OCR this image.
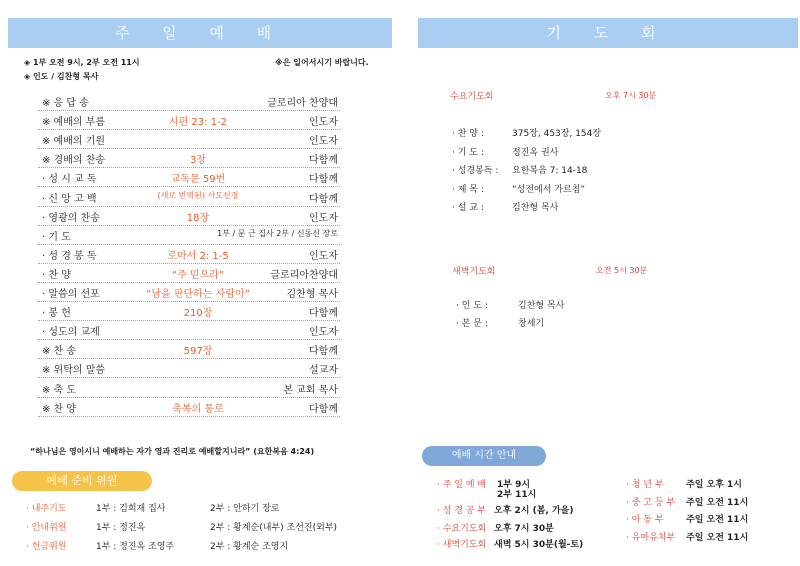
주 일 예 배
◈ 1부 오전 9시, 2부 오전 11시	※은 일어서시기 바랍니다.
◈ 인도 / 김찬형 목사
※ 응 답 송	글로리아 찬양대
※ 예배의 부름	시편 23: 1-2	인도자
※ 예배의 기원	인도자
※ 경배의 찬송	3장	다함께
· 성 시 교 독	교독문 59번	다함께
· 신 앙 고 백	(새로 번역된) 사도신경	다함께
· 영광의 찬송	18장	인도자
· 기 도	1부 / 문 근 집사 2부 / 신동신 장로
· 성 경 봉 독	로마서 2: 1-5	인도자
· 찬 양	“주 믿으라”	글로리아찬양대
· 말씀의 선포	“남을 판단하는 사람아”	김찬형 목사
· 봉 헌	210장	다함께
· 성도의 교제	인도자
※ 찬 송	597장	다함께
※ 위탁의 말씀	설교자
※ 축 도	본 교회 목사
※ 찬 양	축복의 통로	다함께
“하나님은 영이시니 예배하는 자가 영과 진리로 예배할지니라” (요한복음 4:24)
예배 준비 위원
· 내주기도	1부 : 김희재 집사	2부 : 안하기 장로
· 안내위원	1부 : 정진옥	2부 : 황계순(내부) 조선진(외부)
· 헌금위원	1부 : 정진옥 조영주	2부 : 황계순 조영지
기 도 회
수요기도회	오후 7시 30분
· 찬 양 :	375장, 453장, 154장
· 기 도 :	정진옥 권사
· 성경봉독 : 요한복음 7: 14-18
· 제 목 :	“성전에서 가르침”
· 설 교 :	김찬형 목사
새벽기도회	오전 5시 30분
· 인 도 :	김찬형 목사
· 본 문 :	창세기
예배 시간 안내
· 주 일 예 배 1부 9시
2부 11시
· 성 경 공 부 오후 2시 (봄, 가을)
· 수요기도회 오후 7시 30분
· 새벽기도회 새벽 5시 30분(월-토)
· 청 년 부 주일 오후 1시
· 중 고 등 부 주일 오전 11시
· 아 동 부 주일 오전 11시
· 유아유치부 주일 오전 11시
